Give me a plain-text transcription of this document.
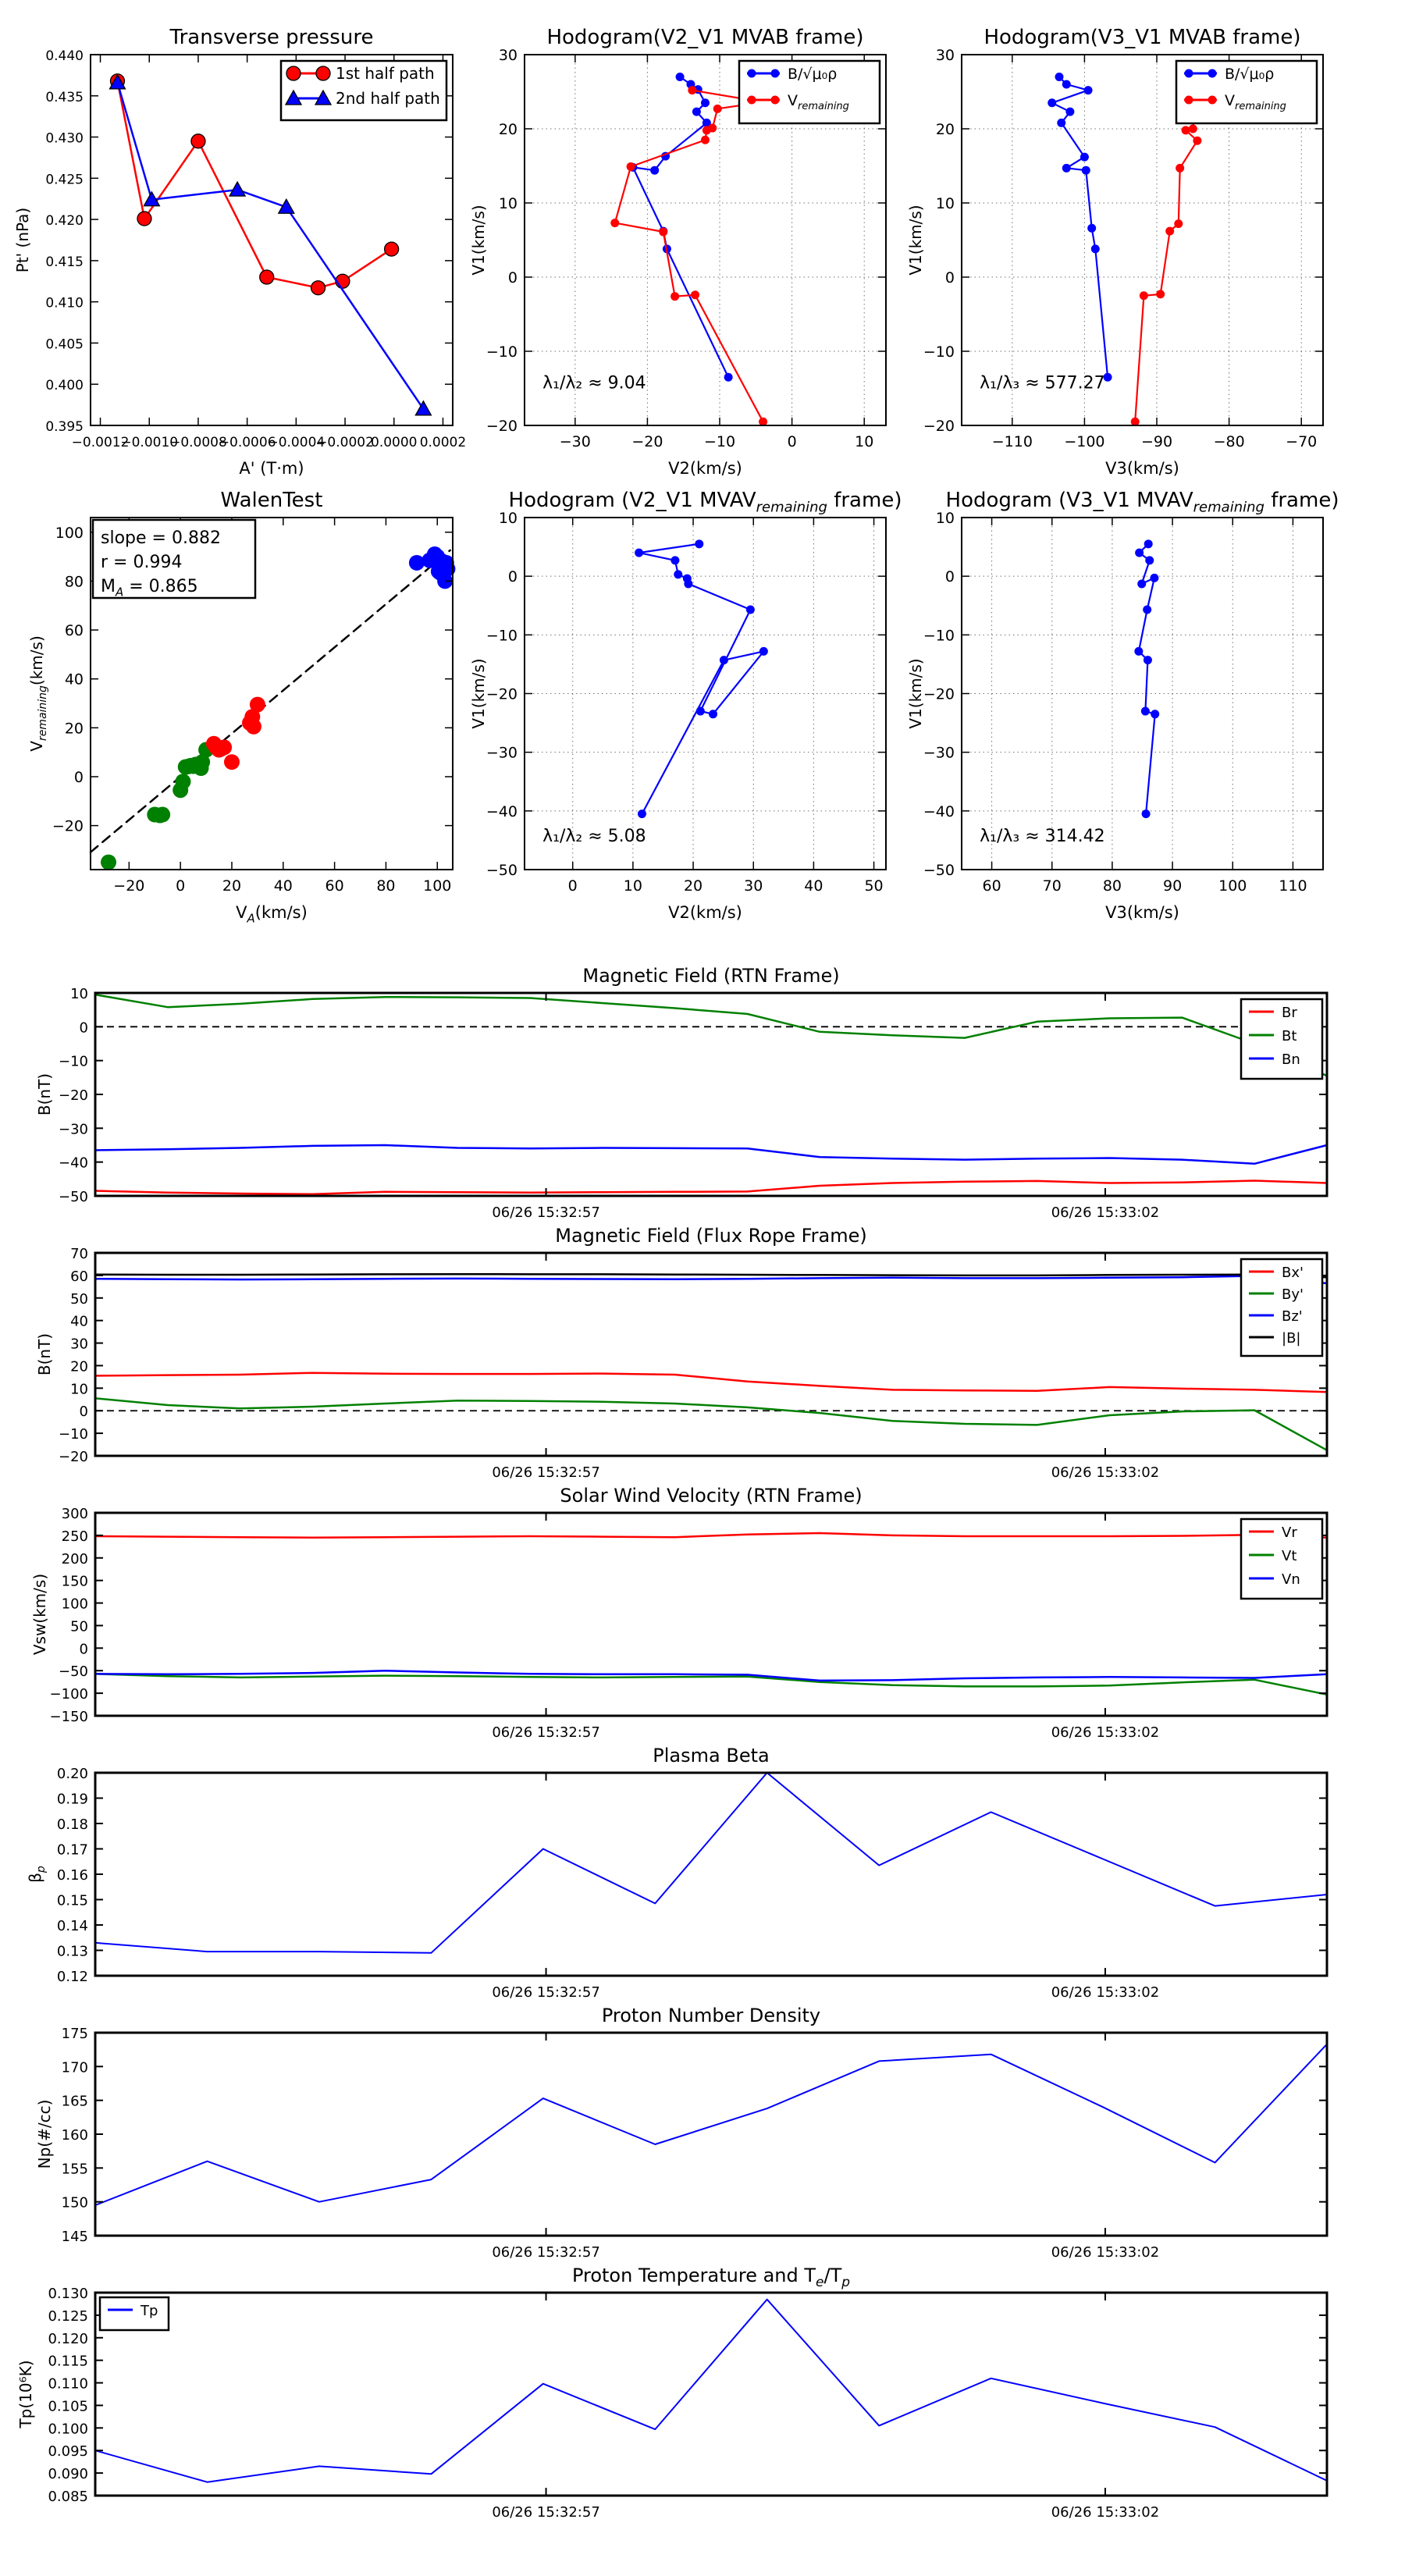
−0.0012
−0.0010
−0.0008
−0.0006
−0.0004
−0.0002
0.0000 0.0002
0.395
0.400
0.405
0.410
0.415
0.420
0.425
0.430
0.435
0.440
Transverse pressure
A' (T·m)
Pt' (nPa)
1st half path
2nd half path
−30	−20	−10	0	10
−20
−10
0
10
20
30
Hodogram(V2_V1 MVAB frame)
V2(km/s)
V1(km/s)
λ₁/λ₂ ≈ 9.04
B/√μ₀ρ
$V_{remaining}$
−110 −100 −90	−80	−70
−20
−10
0
10
20
30
Hodogram(V3_V1 MVAB frame)
V3(km/s)
V1(km/s)
λ₁/λ₃ ≈ 577.27
B/√μ₀ρ
$V_{remaining}$
−20 0	20 40 60 80 100
−20
0
20
40
60
80
100
WalenTest
$V_A(km/s)$
$V_{remaining}(km/s)$
slope = 0.882
r = 0.994
$M_A = 0.865$
0	10	20	30	40	50
−50
−40
−30
−20
−10
0
10
Hodogram (V2_V1 $MVAV_{remaining}$ frame)
V2(km/s)
V1(km/s)
λ₁/λ₂ ≈ 5.08
60	70	80	90 100 110
−50
−40
−30
−20
−10
0
10
Hodogram (V3_V1 $MVAV_{remaining}$ frame)
V3(km/s)
V1(km/s)
λ₁/λ₃ ≈ 314.42
06/26 15:32:57	06/26 15:33:02
−50
−40
−30
−20
−10
0
10
Magnetic Field (RTN Frame)
B(nT)
Br
Bt
Bn
06/26 15:32:57	06/26 15:33:02
−20
−10
0
10
20
30
40
50
60
70
Magnetic Field (Flux Rope Frame)
B(nT)
Bx'
By'
Bz'
|B|
06/26 15:32:57	06/26 15:33:02
−150
−100
−50
0
50
100
150
200
250
300
Solar Wind Velocity (RTN Frame)
Vsw(km/s)
Vr
Vt
Vn
06/26 15:32:57	06/26 15:33:02
0.12
0.13
0.14
0.15
0.16
0.17
0.18
0.19
0.20
Plasma Beta
$\beta_p$
06/26 15:32:57	06/26 15:33:02
145
150
155
160
165
170
175
Proton Number Density
Np(#/cc)
06/26 15:32:57	06/26 15:33:02
0.085
0.090
0.095
0.100
0.105
0.110
0.115
0.120
0.125
0.130
Proton Temperature and $T_e/T_p$
Tp(10⁶K)
Tp
